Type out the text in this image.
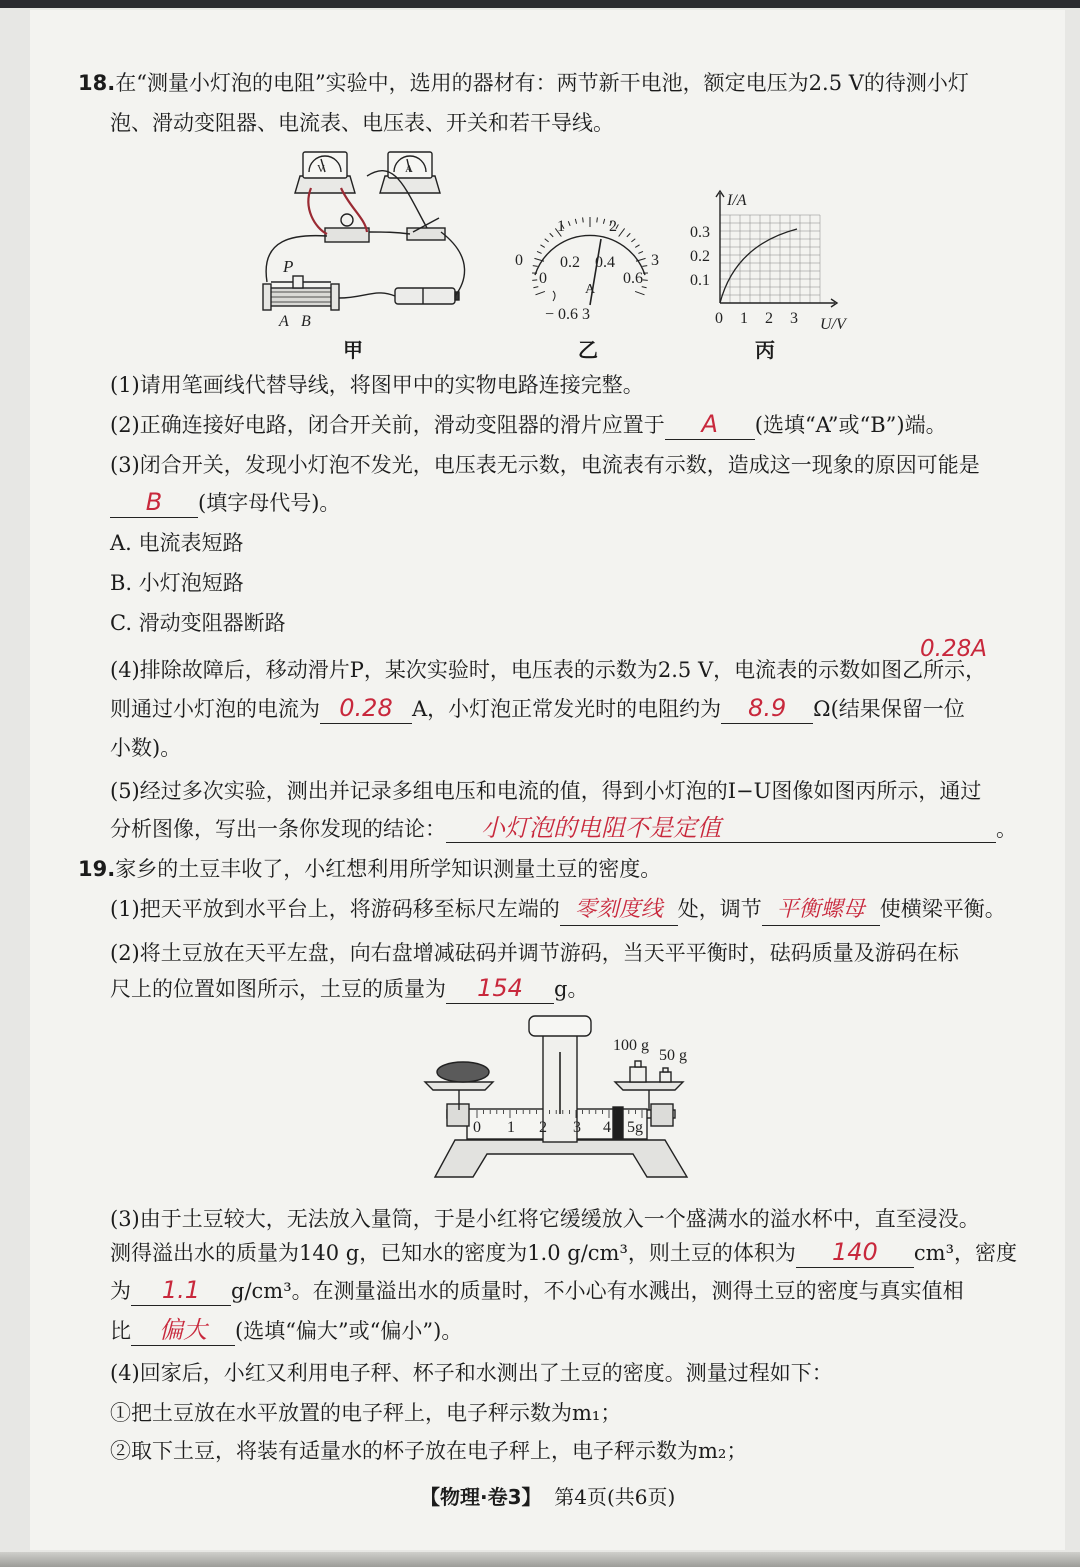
18.在“测量小灯泡的电阻”实验中，选用的器材有：两节新干电池，额定电压为2.5 V的待测小灯
泡、滑动变阻器、电流表、电压表、开关和若干导线。
V	A
P
A B
甲
0
1	2
3
0
0.2 0.4
0.6
A
− 0.6 3
乙
I/A
U/V
0.3
0.2
0.1
0 1 2 3
丙
(1)请用笔画线代替导线，将图甲中的实物电路连接完整。
(2)正确连接好电路，闭合开关前，滑动变阻器的滑片应置于 A (选填“A”或“B”)端。
(3)闭合开关，发现小灯泡不发光，电压表无示数，电流表有示数，造成这一现象的原因可能是
B (填字母代号)。
A. 电流表短路
B. 小灯泡短路
C. 滑动变阻器断路
0.28A
(4)排除故障后，移动滑片P，某次实验时，电压表的示数为2.5 V，电流表的示数如图乙所示，
则通过小灯泡的电流为 0.28 A，小灯泡正常发光时的电阻约为 8.9 Ω(结果保留一位
小数)。
(5)经过多次实验，测出并记录多组电压和电流的值，得到小灯泡的I−U图像如图丙所示，通过
分析图像，写出一条你发现的结论： 小灯泡的电阻不是定值	。
19.家乡的土豆丰收了，小红想利用所学知识测量土豆的密度。
(1)把天平放到水平台上，将游码移至标尺左端的 零刻度线 处，调节 平衡螺母 使横梁平衡。
(2)将土豆放在天平左盘，向右盘增减砝码并调节游码，当天平平衡时，砝码质量及游码在标
尺上的位置如图所示，土豆的质量为 154 g。
100 g
50 g
0 1 2 3 4 5g
(3)由于土豆较大，无法放入量筒，于是小红将它缓缓放入一个盛满水的溢水杯中，直至浸没。
测得溢出水的质量为140 g，已知水的密度为1.0 g/cm³，则土豆的体积为 140 cm³，密度
为 1.1 g/cm³。在测量溢出水的质量时，不小心有水溅出，测得土豆的密度与真实值相
比 偏大 (选填“偏大”或“偏小”)。
(4)回家后，小红又利用电子秤、杯子和水测出了土豆的密度。测量过程如下：
①把土豆放在水平放置的电子秤上，电子秤示数为m₁；
②取下土豆，将装有适量水的杯子放在电子秤上，电子秤示数为m₂；
【物理·卷3】 第4页(共6页)
